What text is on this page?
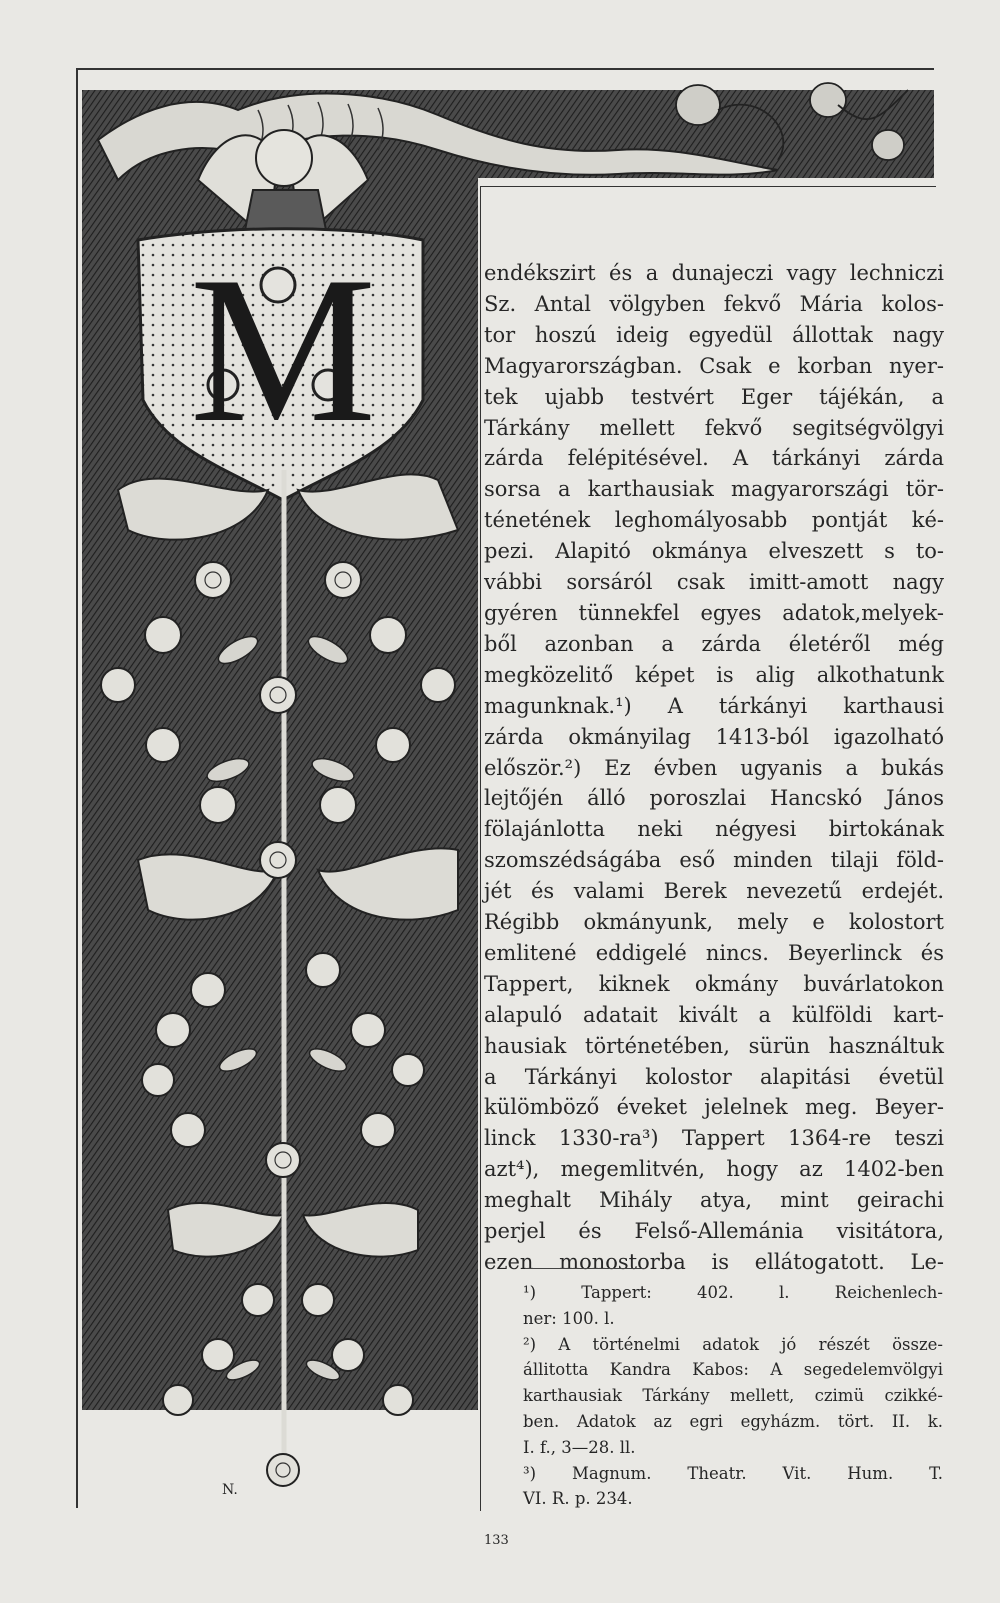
M
N.

endékszirt és a dunajeczi vagy lechniczi

Sz. Antal völgyben fekvő Mária kolos-

tor hoszú ideig egyedül állottak nagy

Magyarországban. Csak e korban nyer-

tek ujabb testvért Eger tájékán, a

Tárkány mellett fekvő segitségvölgyi

zárda felépitésével. A tárkányi zárda

sorsa a karthausiak magyarországi tör-

ténetének leghomályosabb pontját ké-

pezi. Alapitó okmánya elveszett s to-

vábbi sorsáról csak imitt-amott nagy

gyéren tünnekfel egyes adatok,melyek-

ből azonban a zárda életéről még

megközelitő képet is alig alkothatunk

magunknak.¹) A tárkányi karthausi

zárda okmányilag 1413-ból igazolható

először.²) Ez évben ugyanis a bukás

lejtőjén álló poroszlai Hancskó János

fölajánlotta neki négyesi birtokának

szomszédságába eső minden tilaji föld-

jét és valami Berek nevezetű erdejét.

Régibb okmányunk, mely e kolostort

emlitené eddigelé nincs. Beyerlinck és

Tappert, kiknek okmány buvárlatokon

alapuló adatait kivált a külföldi kart-

hausiak történetében, sürün használtuk

a Tárkányi kolostor alapitási évetül

külömböző éveket jelelnek meg. Beyer-

linck 1330-ra³) Tappert 1364-re teszi

azt⁴), megemlitvén, hogy az 1402-ben

meghalt Mihály atya, mint geirachi

perjel és Felső-Allemánia visitátora,

ezen monostorba is ellátogatott. Le-

¹) Tappert: 402. l. Reichenlech-

ner: 100. l.

²) A történelmi adatok jó részét össze-

állitotta Kandra Kabos: A segedelemvölgyi

karthausiak Tárkány mellett, czimü czikké-

ben. Adatok az egri egyházm. tört. II. k.

I. f., 3—28. ll.

³) Magnum. Theatr. Vit. Hum. T.

VI. R. p. 234.

133
